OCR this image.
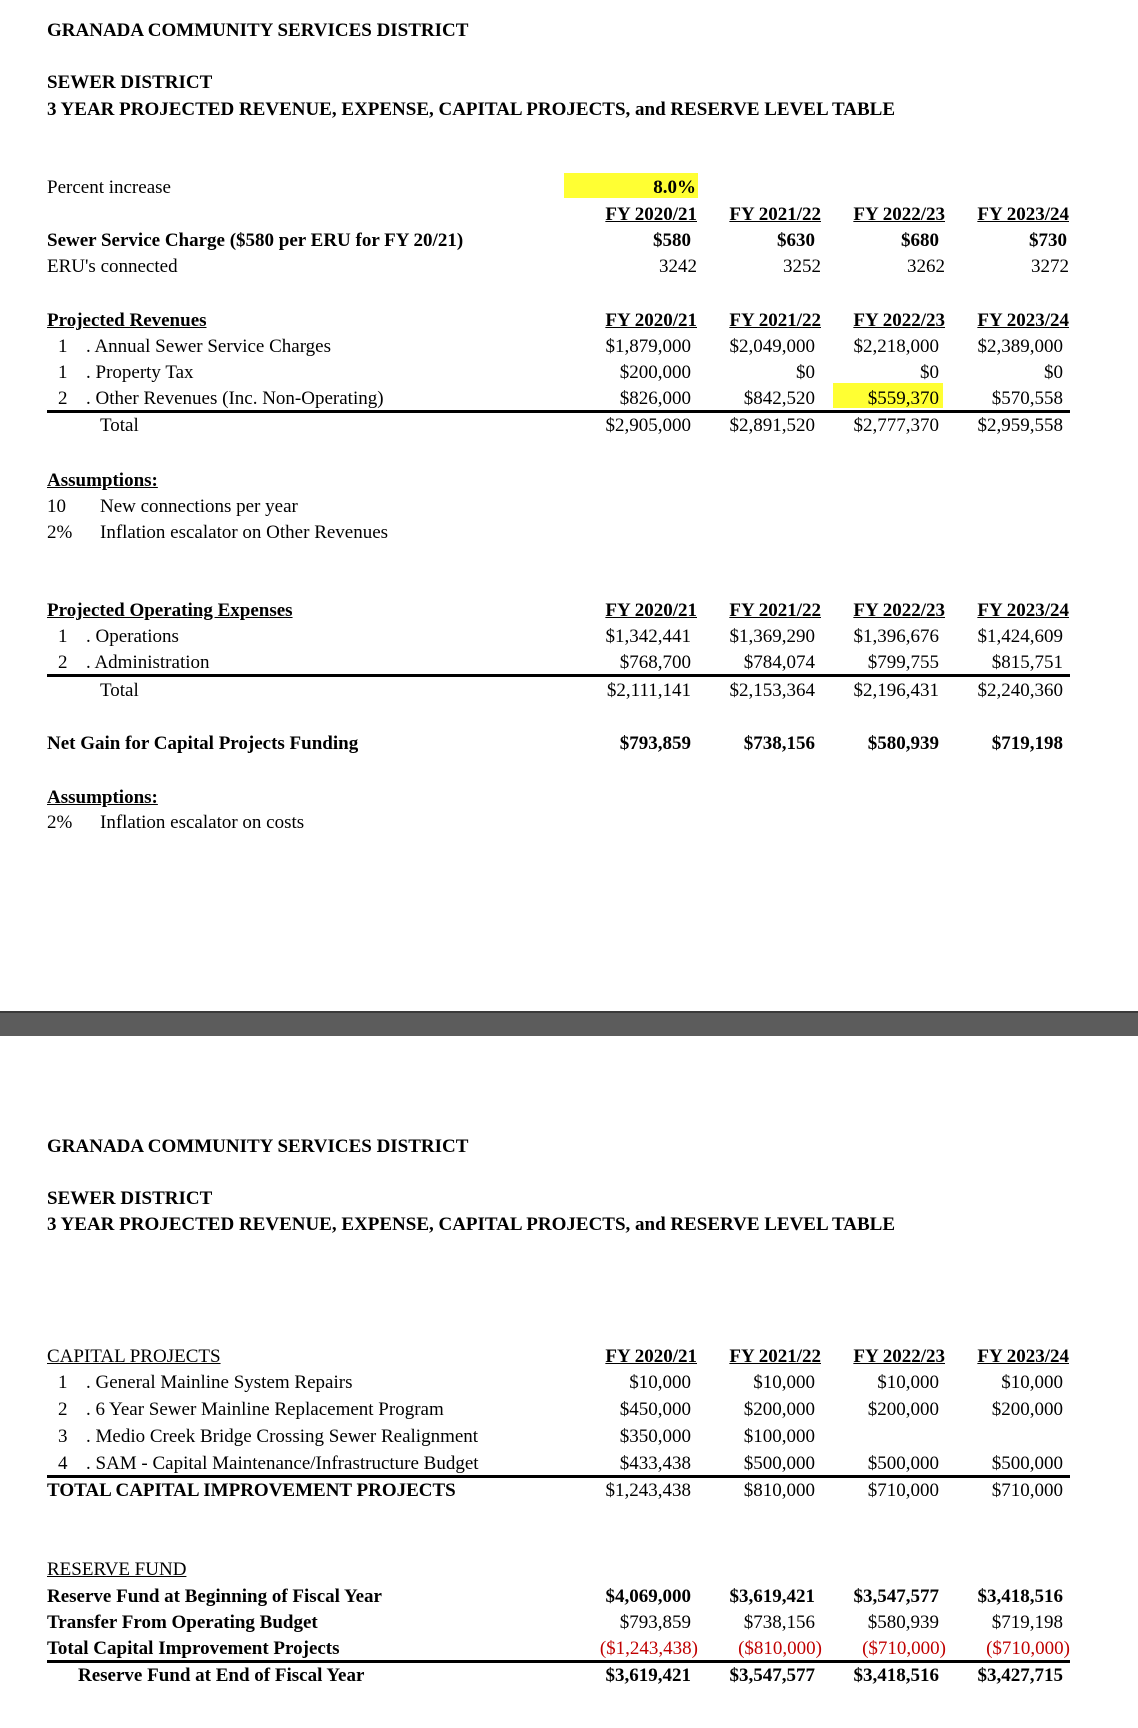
GRANADA COMMUNITY SERVICES DISTRICT
SEWER DISTRICT
3 YEAR PROJECTED REVENUE, EXPENSE, CAPITAL PROJECTS, and RESERVE LEVEL TABLE
Percent increase	8.0%
FY 2020/21	FY 2021/22	FY 2022/23	FY 2023/24
Sewer Service Charge ($580 per ERU for FY 20/21)	$580	$630	$680	$730
ERU's connected	3242	3252	3262	3272
Projected Revenues	FY 2020/21	FY 2021/22	FY 2022/23	FY 2023/24
1 . Annual Sewer Service Charges	$1,879,000	$2,049,000	$2,218,000	$2,389,000
1 . Property Tax	$200,000	$0	$0	$0
2 . Other Revenues (Inc. Non-Operating)	$826,000	$842,520	$559,370	$570,558
Total	$2,905,000	$2,891,520	$2,777,370	$2,959,558
Assumptions:
10 New connections per year
2% Inflation escalator on Other Revenues
Projected Operating Expenses	FY 2020/21	FY 2021/22	FY 2022/23	FY 2023/24
1 . Operations	$1,342,441	$1,369,290	$1,396,676	$1,424,609
2 . Administration	$768,700	$784,074	$799,755	$815,751
Total	$2,111,141	$2,153,364	$2,196,431	$2,240,360
Net Gain for Capital Projects Funding	$793,859	$738,156	$580,939	$719,198
Assumptions:
2% Inflation escalator on costs
GRANADA COMMUNITY SERVICES DISTRICT
SEWER DISTRICT
3 YEAR PROJECTED REVENUE, EXPENSE, CAPITAL PROJECTS, and RESERVE LEVEL TABLE
CAPITAL PROJECTS	FY 2020/21	FY 2021/22	FY 2022/23	FY 2023/24
1 . General Mainline System Repairs	$10,000	$10,000	$10,000	$10,000
2 . 6 Year Sewer Mainline Replacement Program	$450,000	$200,000	$200,000	$200,000
3 . Medio Creek Bridge Crossing Sewer Realignment	$350,000	$100,000
4 . SAM - Capital Maintenance/Infrastructure Budget	$433,438	$500,000	$500,000	$500,000
TOTAL CAPITAL IMPROVEMENT PROJECTS	$1,243,438	$810,000	$710,000	$710,000
RESERVE FUND
Reserve Fund at Beginning of Fiscal Year	$4,069,000	$3,619,421	$3,547,577	$3,418,516
Transfer From Operating Budget	$793,859	$738,156	$580,939	$719,198
Total Capital Improvement Projects	($1,243,438)	($810,000)	($710,000)	($710,000)
Reserve Fund at End of Fiscal Year	$3,619,421	$3,547,577	$3,418,516	$3,427,715
